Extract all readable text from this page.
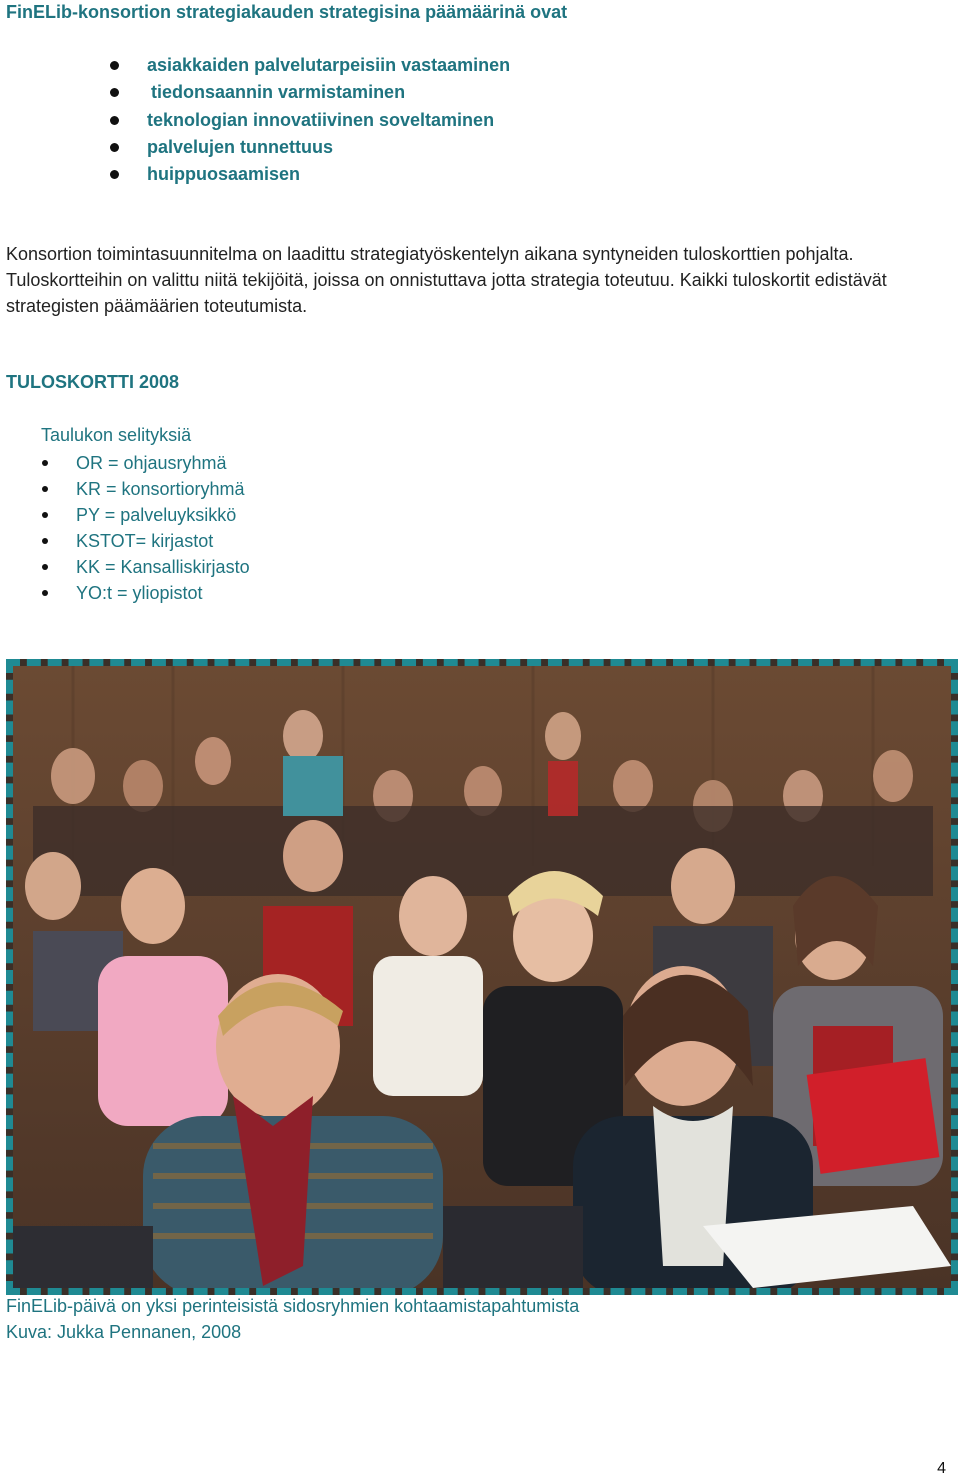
FinELib-konsortion strategiakauden strategisina päämäärinä ovat
asiakkaiden palvelutarpeisiin vastaaminen
tiedonsaannin varmistaminen
teknologian innovatiivinen soveltaminen
palvelujen tunnettuus
huippuosaamisen

Konsortion toimintasuunnitelma on laadittu strategiatyöskentelyn aikana syntyneiden tuloskorttien pohjalta. Tuloskortteihin on valittu niitä tekijöitä, joissa on onnistuttava jotta strategia toteutuu. Kaikki tuloskortit edistävät strategisten päämäärien toteutumista.

TULOSKORTTI 2008
Taulukon selityksiä
OR = ohjausryhmä
KR = konsortioryhmä
PY = palveluyksikkö
KSTOT= kirjastot
KK = Kansalliskirjasto
YO:t = yliopistot
FinELib-päivä on yksi perinteisistä sidosryhmien kohtaamistapahtumista
Kuva: Jukka Pennanen, 2008
4
